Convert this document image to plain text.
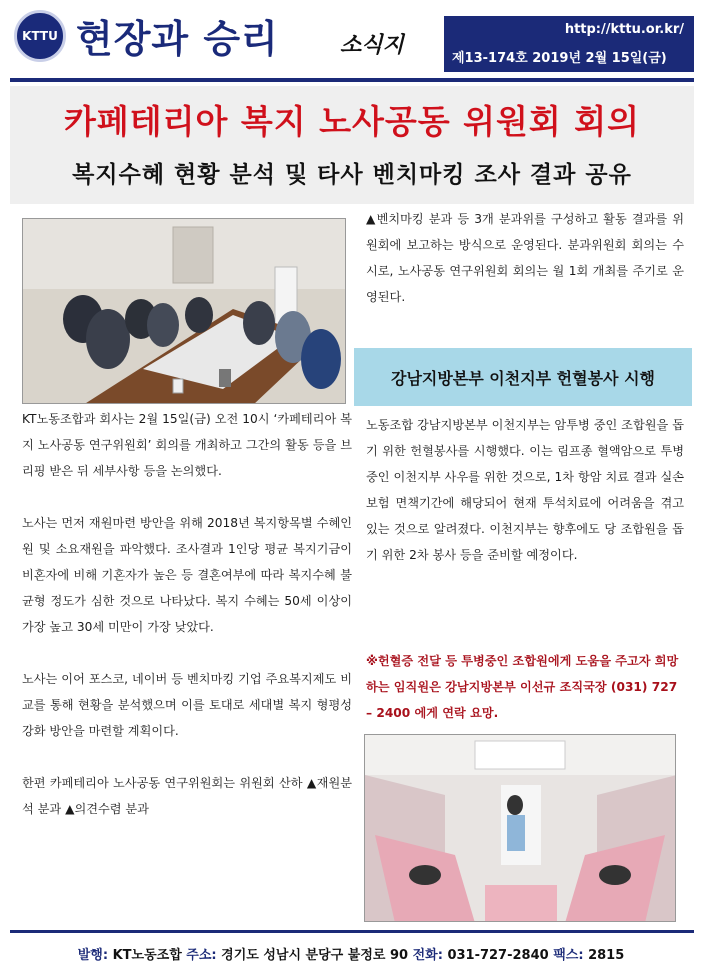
KTTU 현장과 승리	소식지
http://kttu.or.kr/
제13-174호 2019년 2월 15일(금)
카페테리아 복지 노사공동 위원회 회의
복지수혜 현황 분석 및 타사 벤치마킹 조사 결과 공유

KT노동조합과 회사는 2월 15일(금) 오전 10시 ‘카페테리아 복지 노사공동 연구위원회’ 회의를 개최하고 그간의 활동 등을 브리핑 받은 뒤 세부사항 등을 논의했다.

노사는 먼저 재원마련 방안을 위해 2018년 복지항목별 수혜인원 및 소요재원을 파악했다. 조사결과 1인당 평균 복지기금이 비혼자에 비해 기혼자가 높은 등 결혼여부에 따라 복지수혜 불균형 정도가 심한 것으로 나타났다. 복지 수혜는 50세 이상이 가장 높고 30세 미만이 가장 낮았다.

노사는 이어 포스코, 네이버 등 벤치마킹 기업 주요복지제도 비교를 통해 현황을 분석했으며 이를 토대로 세대별 복지 형평성 강화 방안을 마련할 계획이다.

한편 카페테리아 노사공동 연구위원회는 위원회 산하 ▲재원분석 분과 ▲의견수렴 분과

▲벤치마킹 분과 등 3개 분과위를 구성하고 활동 결과를 위원회에 보고하는 방식으로 운영된다. 분과위원회 회의는 수시로, 노사공동 연구위원회 회의는 월 1회 개최를 주기로 운영된다.

강남지방본부 이천지부 헌혈봉사 시행

노동조합 강남지방본부 이천지부는 암투병 중인 조합원을 돕기 위한 헌혈봉사를 시행했다. 이는 림프종 혈액암으로 투병 중인 이천지부 사우를 위한 것으로, 1차 항암 치료 결과 실손보험 면책기간에 해당되어 현재 투석치료에 어려움을 겪고 있는 것으로 알려졌다. 이천지부는 향후에도 당 조합원을 돕기 위한 2차 봉사 등을 준비할 예정이다.

※헌혈증 전달 등 투병중인 조합원에게 도움을 주고자 희망하는 임직원은 강남지방본부 이선규 조직국장 (031) 727 – 2400 에게 연락 요망.

발행: KT노동조합 주소: 경기도 성남시 분당구 불정로 90 전화: 031-727-2840 팩스: 2815
